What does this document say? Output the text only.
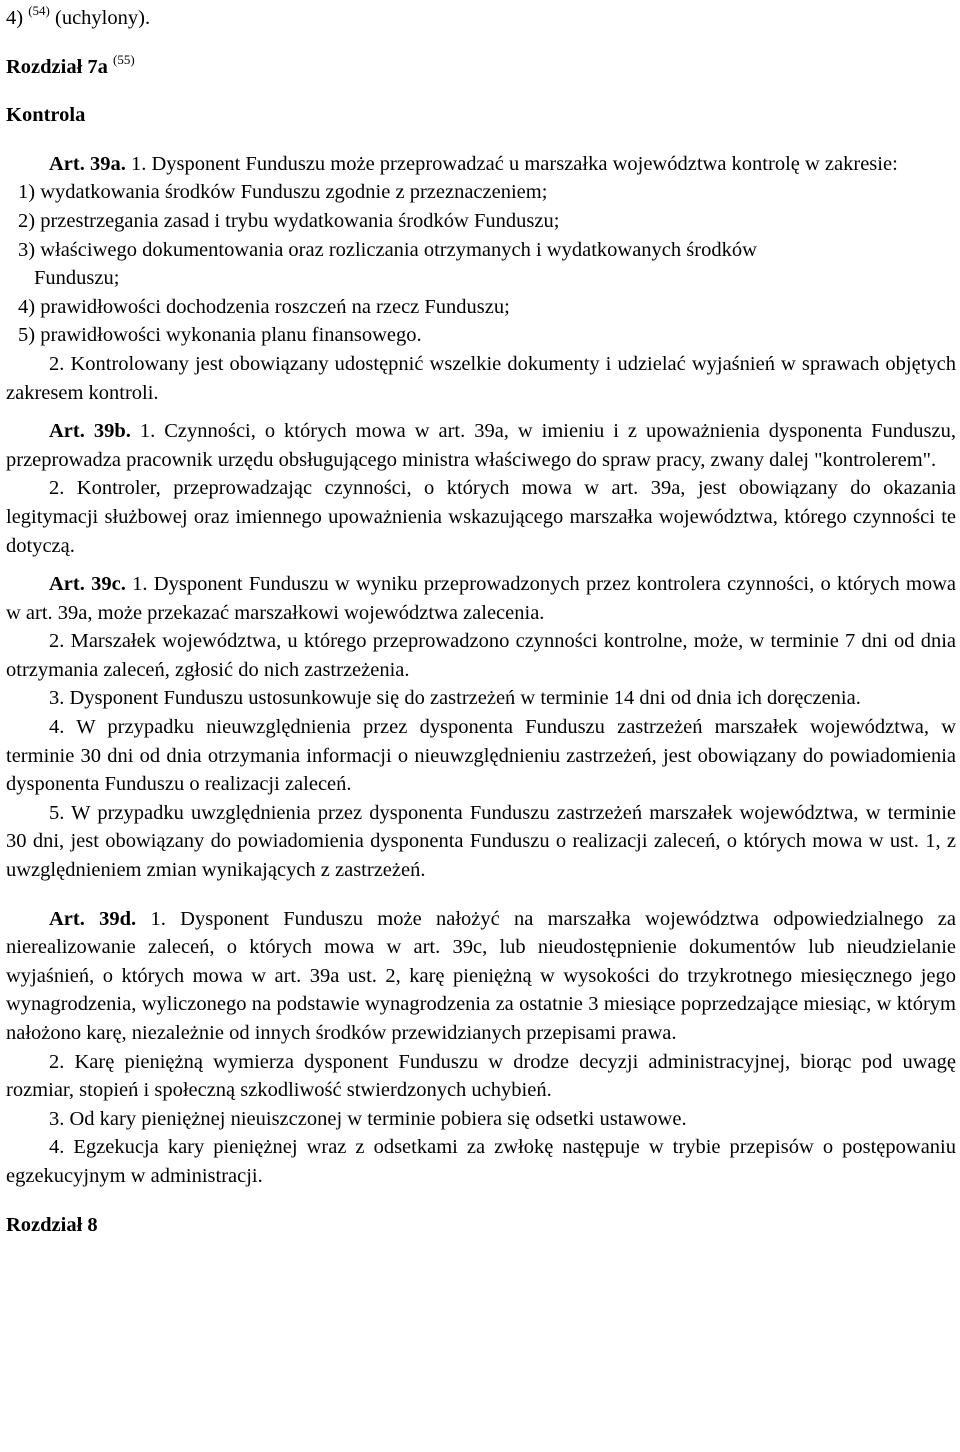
4) $^{(54)}$ (uchylony).

Rozdział 7a $^{(55)}$

Kontrola

Art. 39a. 1. Dysponent Funduszu może przeprowadzać u marszałka województwa kontrolę w zakresie:

1) wydatkowania środków Funduszu zgodnie z przeznaczeniem;

2) przestrzegania zasad i trybu wydatkowania środków Funduszu;

3) właściwego dokumentowania oraz rozliczania otrzymanych i wydatkowanych środków

Funduszu;

4) prawidłowości dochodzenia roszczeń na rzecz Funduszu;

5) prawidłowości wykonania planu finansowego.

2. Kontrolowany jest obowiązany udostępnić wszelkie dokumenty i udzielać wyjaśnień w sprawach objętych zakresem kontroli.

Art. 39b. 1. Czynności, o których mowa w art. 39a, w imieniu i z upoważnienia dysponenta Funduszu, przeprowadza pracownik urzędu obsługującego ministra właściwego do spraw pracy, zwany dalej "kontrolerem".

2. Kontroler, przeprowadzając czynności, o których mowa w art. 39a, jest obowiązany do okazania legitymacji służbowej oraz imiennego upoważnienia wskazującego marszałka województwa, którego czynności te dotyczą.

Art. 39c. 1. Dysponent Funduszu w wyniku przeprowadzonych przez kontrolera czynności, o których mowa w art. 39a, może przekazać marszałkowi województwa zalecenia.

2. Marszałek województwa, u którego przeprowadzono czynności kontrolne, może, w terminie 7 dni od dnia otrzymania zaleceń, zgłosić do nich zastrzeżenia.

3. Dysponent Funduszu ustosunkowuje się do zastrzeżeń w terminie 14 dni od dnia ich doręczenia.

4. W przypadku nieuwzględnienia przez dysponenta Funduszu zastrzeżeń marszałek województwa, w terminie 30 dni od dnia otrzymania informacji o nieuwzględnieniu zastrzeżeń, jest obowiązany do powiadomienia dysponenta Funduszu o realizacji zaleceń.

5. W przypadku uwzględnienia przez dysponenta Funduszu zastrzeżeń marszałek województwa, w terminie 30 dni, jest obowiązany do powiadomienia dysponenta Funduszu o realizacji zaleceń, o których mowa w ust. 1, z uwzględnieniem zmian wynikających z zastrzeżeń.

Art. 39d. 1. Dysponent Funduszu może nałożyć na marszałka województwa odpowiedzialnego za nierealizowanie zaleceń, o których mowa w art. 39c, lub nieudostępnienie dokumentów lub nieudzielanie wyjaśnień, o których mowa w art. 39a ust. 2, karę pieniężną w wysokości do trzykrotnego miesięcznego jego wynagrodzenia, wyliczonego na podstawie wynagrodzenia za ostatnie 3 miesiące poprzedzające miesiąc, w którym nałożono karę, niezależnie od innych środków przewidzianych przepisami prawa.

2. Karę pieniężną wymierza dysponent Funduszu w drodze decyzji administracyjnej, biorąc pod uwagę rozmiar, stopień i społeczną szkodliwość stwierdzonych uchybień.

3. Od kary pieniężnej nieuiszczonej w terminie pobiera się odsetki ustawowe.

4. Egzekucja kary pieniężnej wraz z odsetkami za zwłokę następuje w trybie przepisów o postępowaniu egzekucyjnym w administracji.

Rozdział 8
